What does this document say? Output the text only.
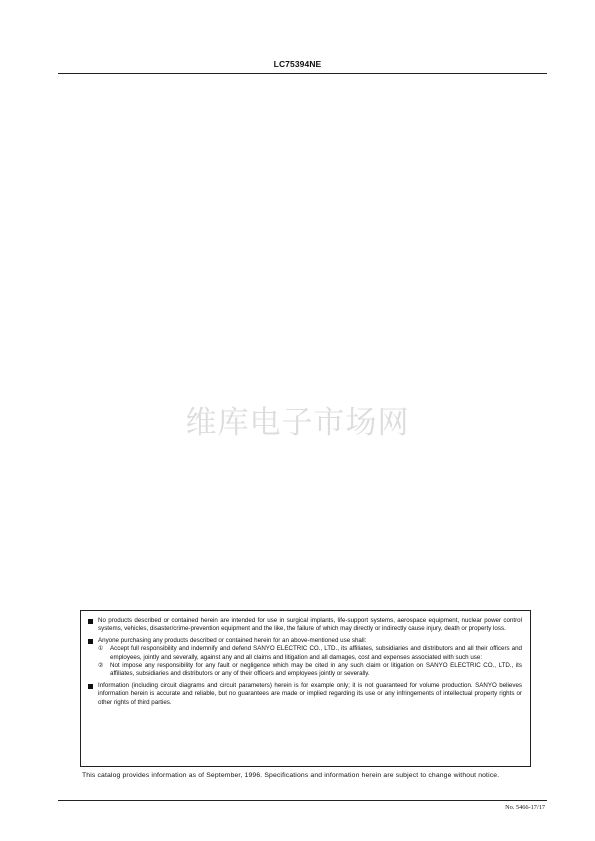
LC75394NE
维库电子市场网
No products described or contained herein are intended for use in surgical implants, life-support systems, aerospace equipment, nuclear power control systems, vehicles, disaster/crime-prevention equipment and the like, the failure of which may directly or indirectly cause injury, death or property loss.
Anyone purchasing any products described or contained herein for an above-mentioned use shall:
① Accept full responsibility and indemnify and defend SANYO ELECTRIC CO., LTD., its affiliates, subsidiaries and distributors and all their officers and employees, jointly and severally, against any and all claims and litigation and all damages, cost and expenses associated with such use:
② Not impose any responsibility for any fault or negligence which may be cited in any such claim or litigation on SANYO ELECTRIC CO., LTD., its affiliates, subsidiaries and distributors or any of their officers and employees jointly or severally.
Information (including circuit diagrams and circuit parameters) herein is for example only; it is not guaranteed for volume production. SANYO believes information herein is accurate and reliable, but no guarantees are made or implied regarding its use or any infringements of intellectual property rights or other rights of third parties.
This catalog provides information as of September, 1996. Specifications and information herein are subject to change without notice.
No. 5466-17/17
